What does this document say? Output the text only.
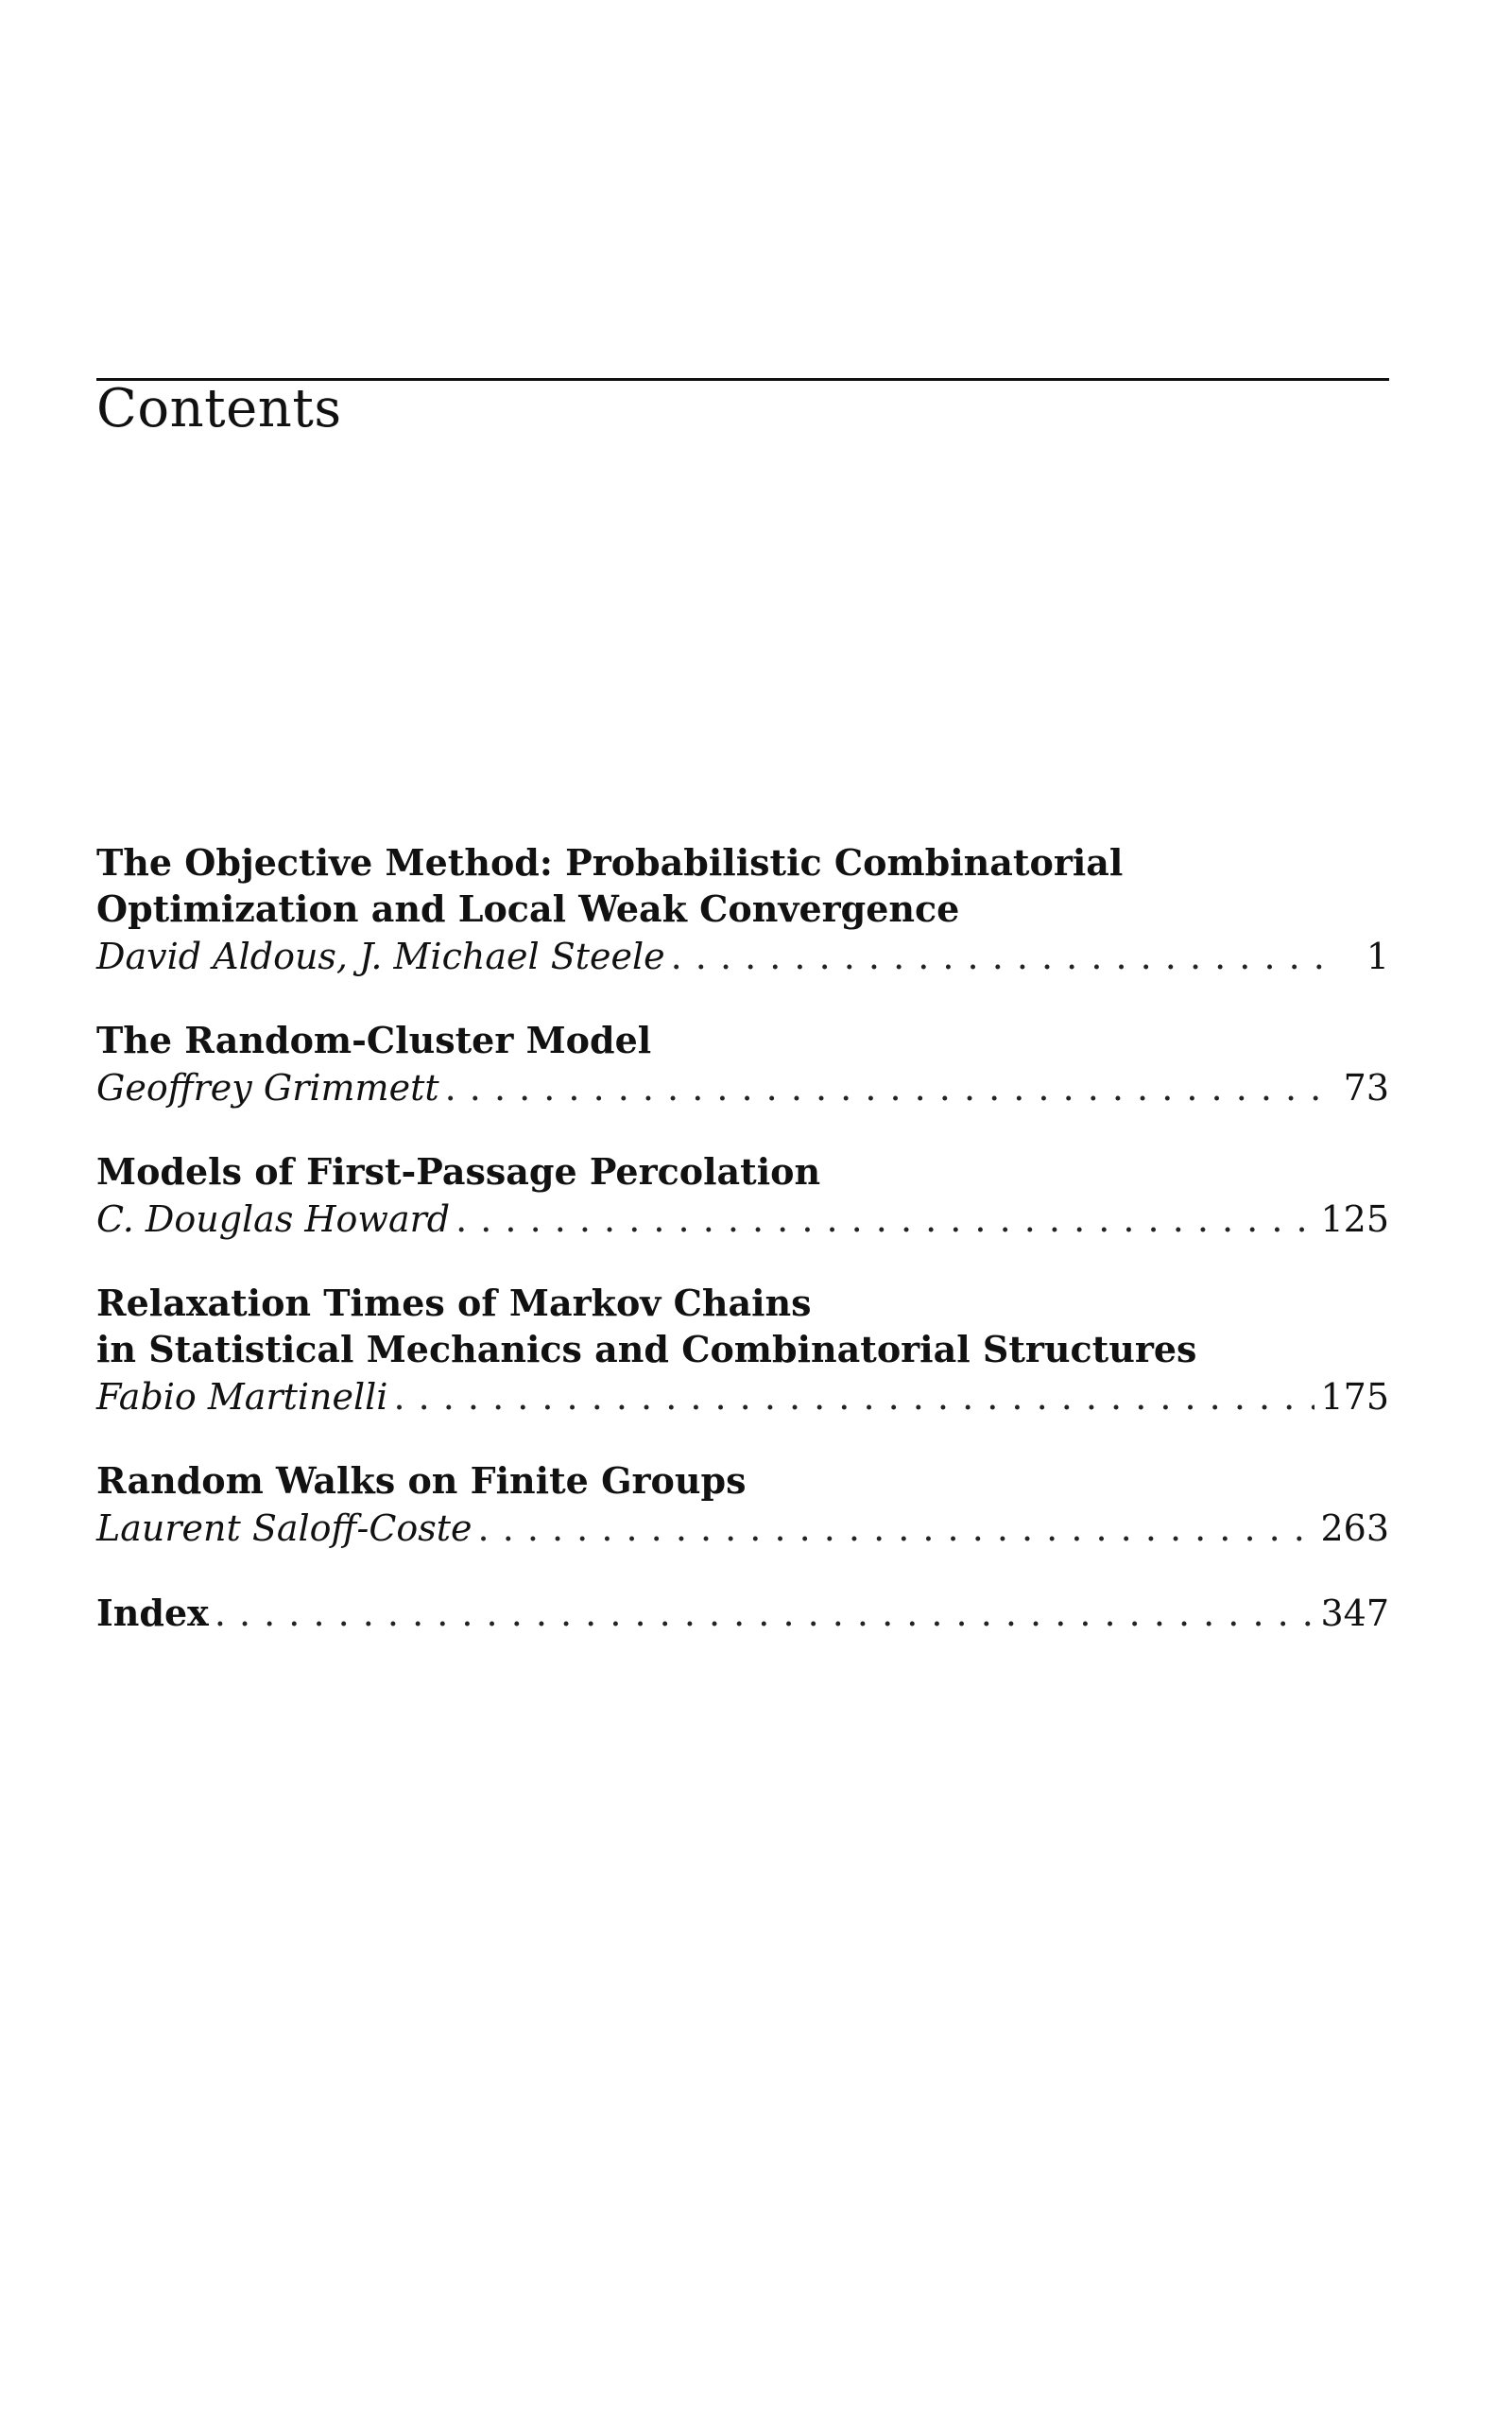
Contents
The Objective Method: Probabilistic Combinatorial
Optimization and Local Weak Convergence
David Aldous, J. Michael Steele . . .	1
The Random-Cluster Model
Geoffrey Grimmett . . .	73
Models of First-Passage Percolation
C. Douglas Howard . . .	125
Relaxation Times of Markov Chains
in Statistical Mechanics and Combinatorial Structures
Fabio Martinelli . . .	175
Random Walks on Finite Groups
Laurent Saloff-Coste . . .	263
Index . . .	347
